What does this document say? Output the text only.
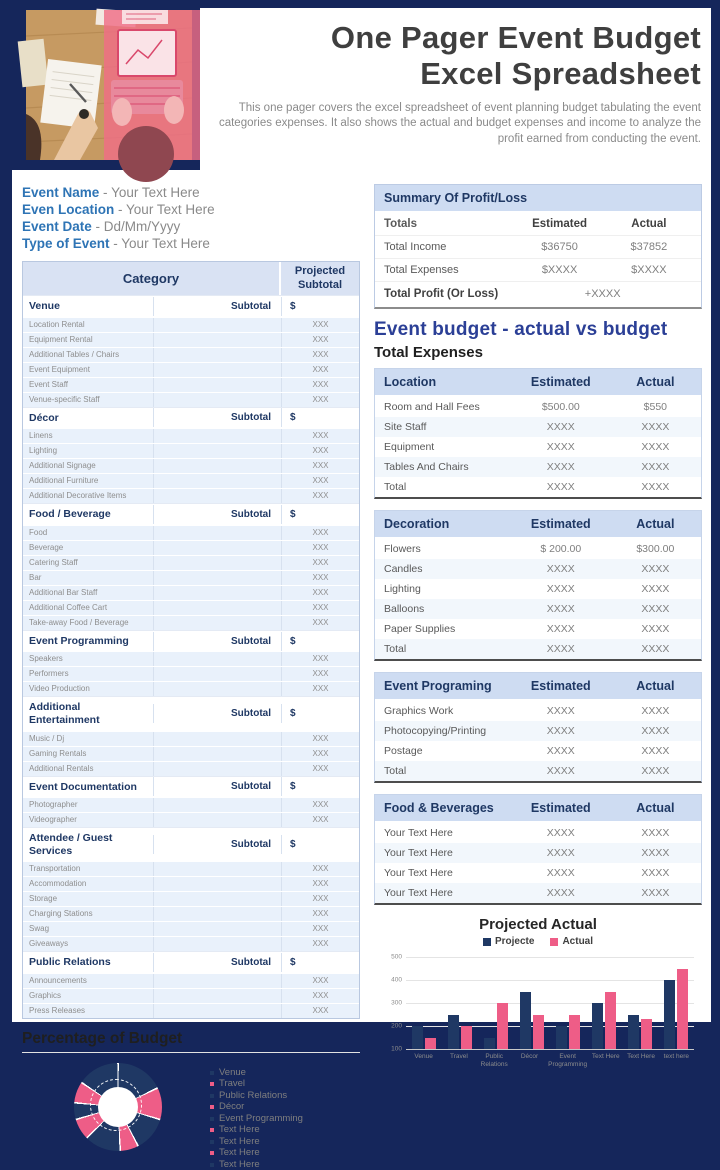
One Pager Event Budget
Excel Spreadsheet

This one pager covers the excel spreadsheet of event planning budget tabulating the event categories expenses. It also shows the actual and budget expenses and income to analyze the profit earned from conducting the event.

Event Name - Your Text Here
Even Location - Your Text Here
Event Date - Dd/Mm/Yyyy
Type of Event - Your Text Here
Category
Projected Subtotal
Venue	Subtotal	$
Location Rental	XXX
Equipment Rental	XXX
Additional Tables / Chairs	XXX
Event Equipment	XXX
Event Staff	XXX
Venue-specific Staff	XXX
Décor	Subtotal	$
Linens	XXX
Lighting	XXX
Additional Signage	XXX
Additional Furniture	XXX
Additional Decorative Items	XXX
Food / Beverage	Subtotal	$
Food	XXX
Beverage	XXX
Catering Staff	XXX
Bar	XXX
Additional Bar Staff	XXX
Additional Coffee Cart	XXX
Take-away Food / Beverage	XXX
Event Programming	Subtotal	$
Speakers	XXX
Performers	XXX
Video Production	XXX
Additional Entertainment	Subtotal	$
Music / Dj	XXX
Gaming Rentals	XXX
Additional Rentals	XXX
Event Documentation	Subtotal	$
Photographer	XXX
Videographer	XXX
Attendee / Guest Services	Subtotal	$
Transportation	XXX
Accommodation	XXX
Storage	XXX
Charging Stations	XXX
Swag	XXX
Giveaways	XXX
Public Relations	Subtotal	$
Announcements	XXX
Graphics	XXX
Press Releases	XXX
Percentage of Budget
Venue
Travel
Public Relations
Décor
Event Programming
Text Here
Text Here
Text Here
Text Here
Summary Of Profit/Loss
Totals	Estimated	Actual
Total Income	$36750	$37852
Total Expenses	$XXXX	$XXXX
Total Profit (Or Loss)	+XXXX
Event budget - actual vs budget
Total Expenses
Location	Estimated	Actual
Room and Hall Fees	$500.00	$550
Site Staff	XXXX	XXXX
Equipment	XXXX	XXXX
Tables And Chairs	XXXX	XXXX
Total	XXXX	XXXX
Decoration	Estimated	Actual
Flowers	$ 200.00	$300.00
Candles	XXXX	XXXX
Lighting	XXXX	XXXX
Balloons	XXXX	XXXX
Paper Supplies	XXXX	XXXX
Total	XXXX	XXXX
Event Programing	Estimated	Actual
Graphics Work	XXXX	XXXX
Photocopying/Printing	XXXX	XXXX
Postage	XXXX	XXXX
Total	XXXX	XXXX
Food & Beverages	Estimated	Actual
Your Text Here	XXXX	XXXX
Your Text Here	XXXX	XXXX
Your Text Here	XXXX	XXXX
Your Text Here	XXXX	XXXX
Projected Actual
Projecte	Actual
100
200
300
400
500
Venue	Travel	Public Relations
Décor	Event Programming
Text Here	Text Here	text here
